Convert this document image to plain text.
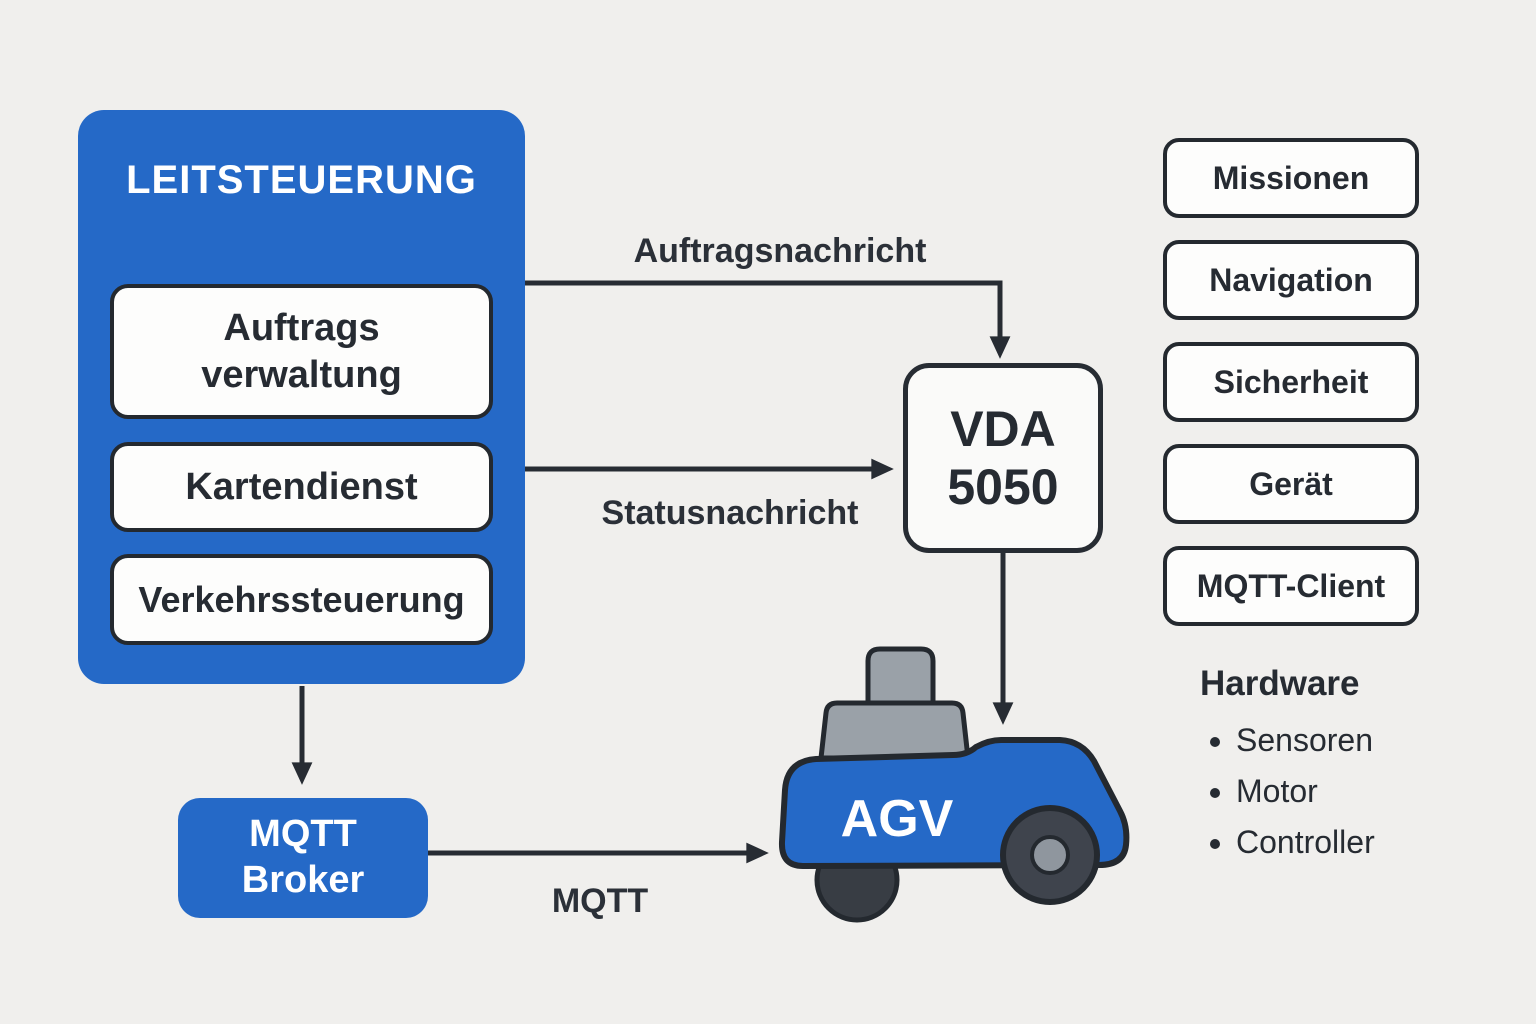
LEITSTEUERUNG
Auftrags
verwaltung
Kartendienst
Verkehrssteuerung
Auftragsnachricht
Statusnachricht
MQTT
VDA
5050
Missionen
Navigation
Sicherheit
Gerät
MQTT-Client
Hardware
• Sensoren
• Motor
• Controller
MQTT
Broker
AGV
